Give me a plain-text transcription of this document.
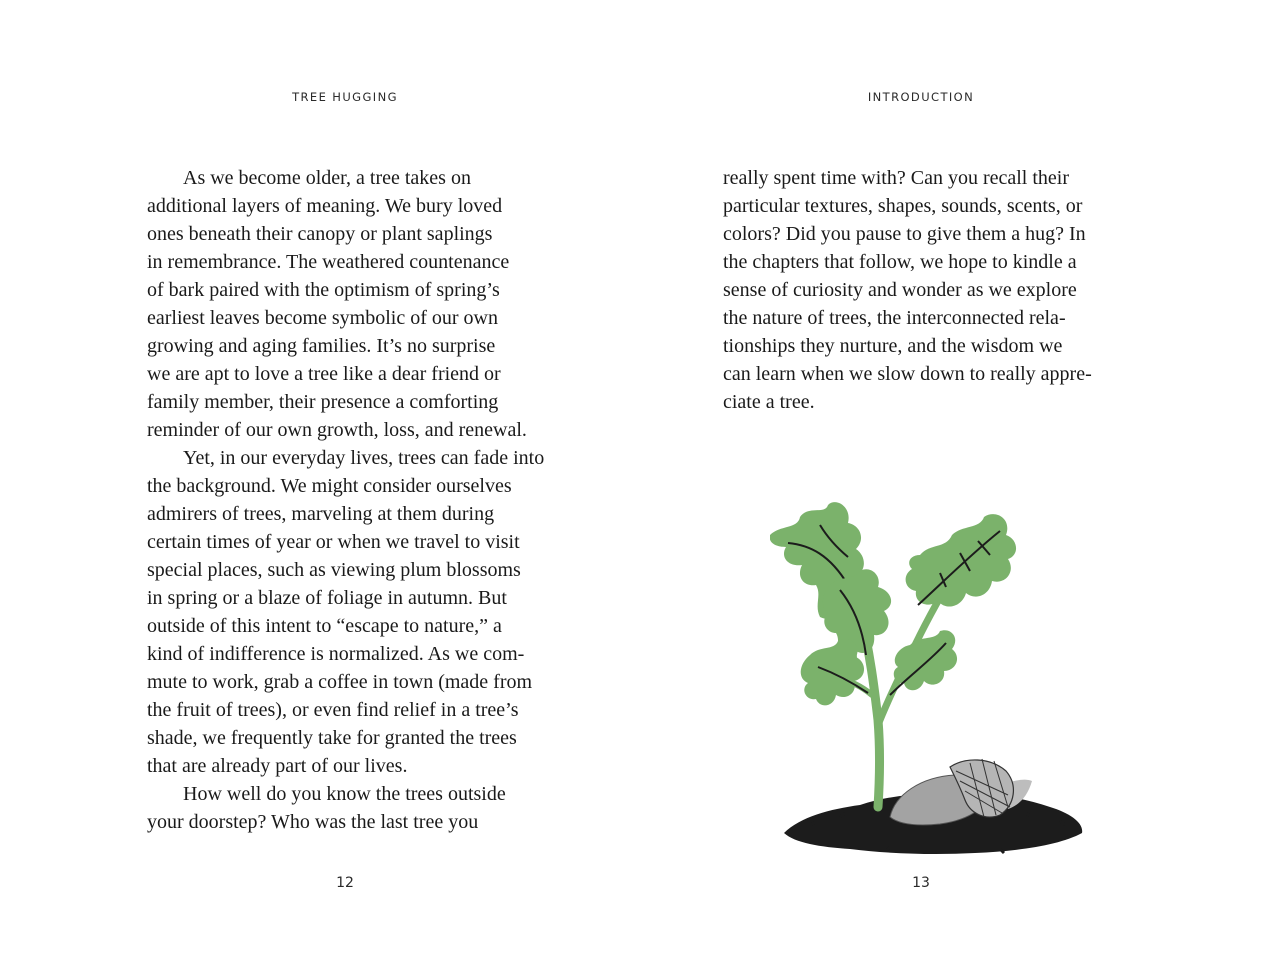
TREE HUGGING
As we become older, a tree takes on
additional layers of meaning. We bury loved
ones beneath their canopy or plant saplings
in remembrance. The weathered countenance
of bark paired with the optimism of spring’s
earliest leaves become symbolic of our own
growing and aging families. It’s no surprise
we are apt to love a tree like a dear friend or
family member, their presence a comforting
reminder of our own growth, loss, and renewal.
Yet, in our everyday lives, trees can fade into
the background. We might consider ourselves
admirers of trees, marveling at them during
certain times of year or when we travel to visit
special places, such as viewing plum blossoms
in spring or a blaze of foliage in autumn. But
outside of this intent to “escape to nature,” a
kind of indifference is normalized. As we com-
mute to work, grab a coffee in town (made from
the fruit of trees), or even find relief in a tree’s
shade, we frequently take for granted the trees
that are already part of our lives.
How well do you know the trees outside
your doorstep? Who was the last tree you
12
INTRODUCTION
really spent time with? Can you recall their
particular textures, shapes, sounds, scents, or
colors? Did you pause to give them a hug? In
the chapters that follow, we hope to kindle a
sense of curiosity and wonder as we explore
the nature of trees, the interconnected rela-
tionships they nurture, and the wisdom we
can learn when we slow down to really appre-
ciate a tree.
13
